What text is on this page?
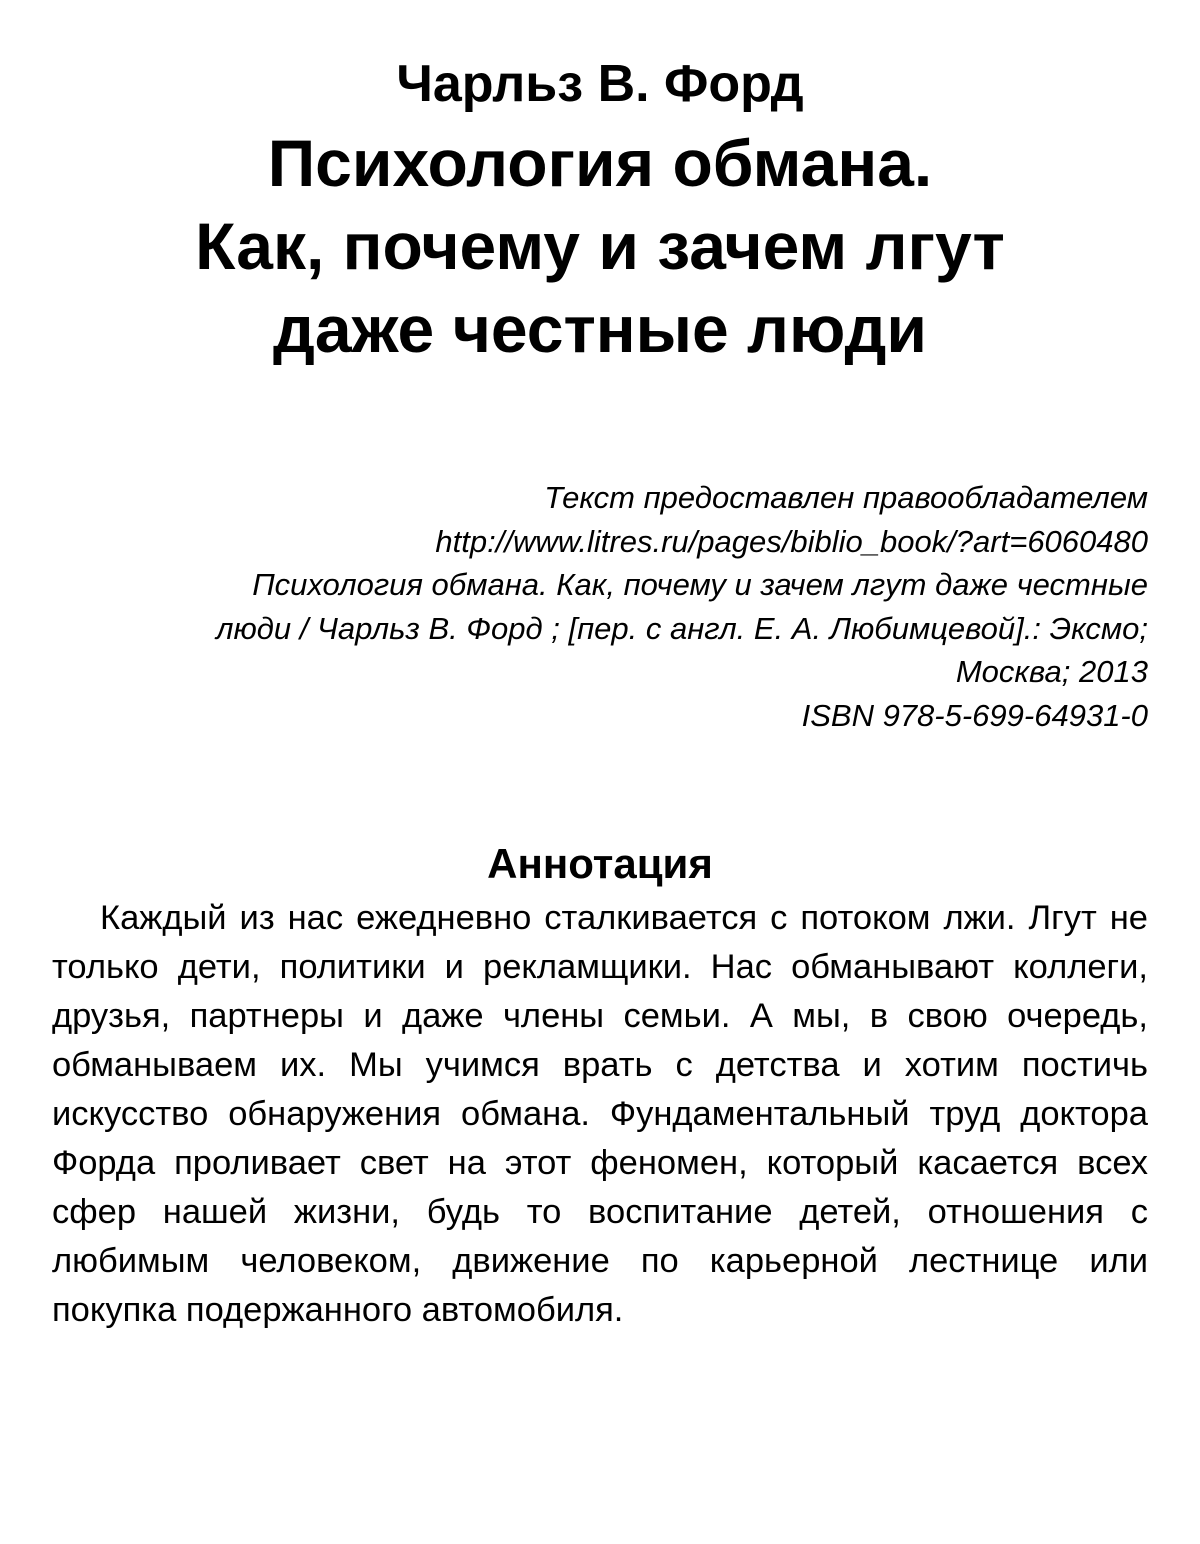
Чарльз В. Форд
Психология обмана.
Как, почему и зачем лгут
даже честные люди
Текст предоставлен правообладателем
http://www.litres.ru/pages/biblio_book/?art=6060480
Психология обмана. Как, почему и зачем лгут даже честные
люди / Чарльз В. Форд ; [пер. с англ. Е. А. Любимцевой].: Эксмо;
Москва; 2013
ISBN 978-5-699-64931-0
Аннотация

Каждый из нас ежедневно сталкивается с потоком лжи. Лгут не только дети, политики и рекламщики. Нас обманывают коллеги, друзья, партнеры и даже члены семьи. А мы, в свою очередь, обманываем их. Мы учимся врать с детства и хотим постичь искусство обнаружения обмана. Фундаментальный труд доктора Форда проливает свет на этот феномен, который касается всех сфер нашей жизни, будь то воспитание детей, отношения с любимым человеком, движение по карьерной лестнице или покупка подержанного автомобиля.
